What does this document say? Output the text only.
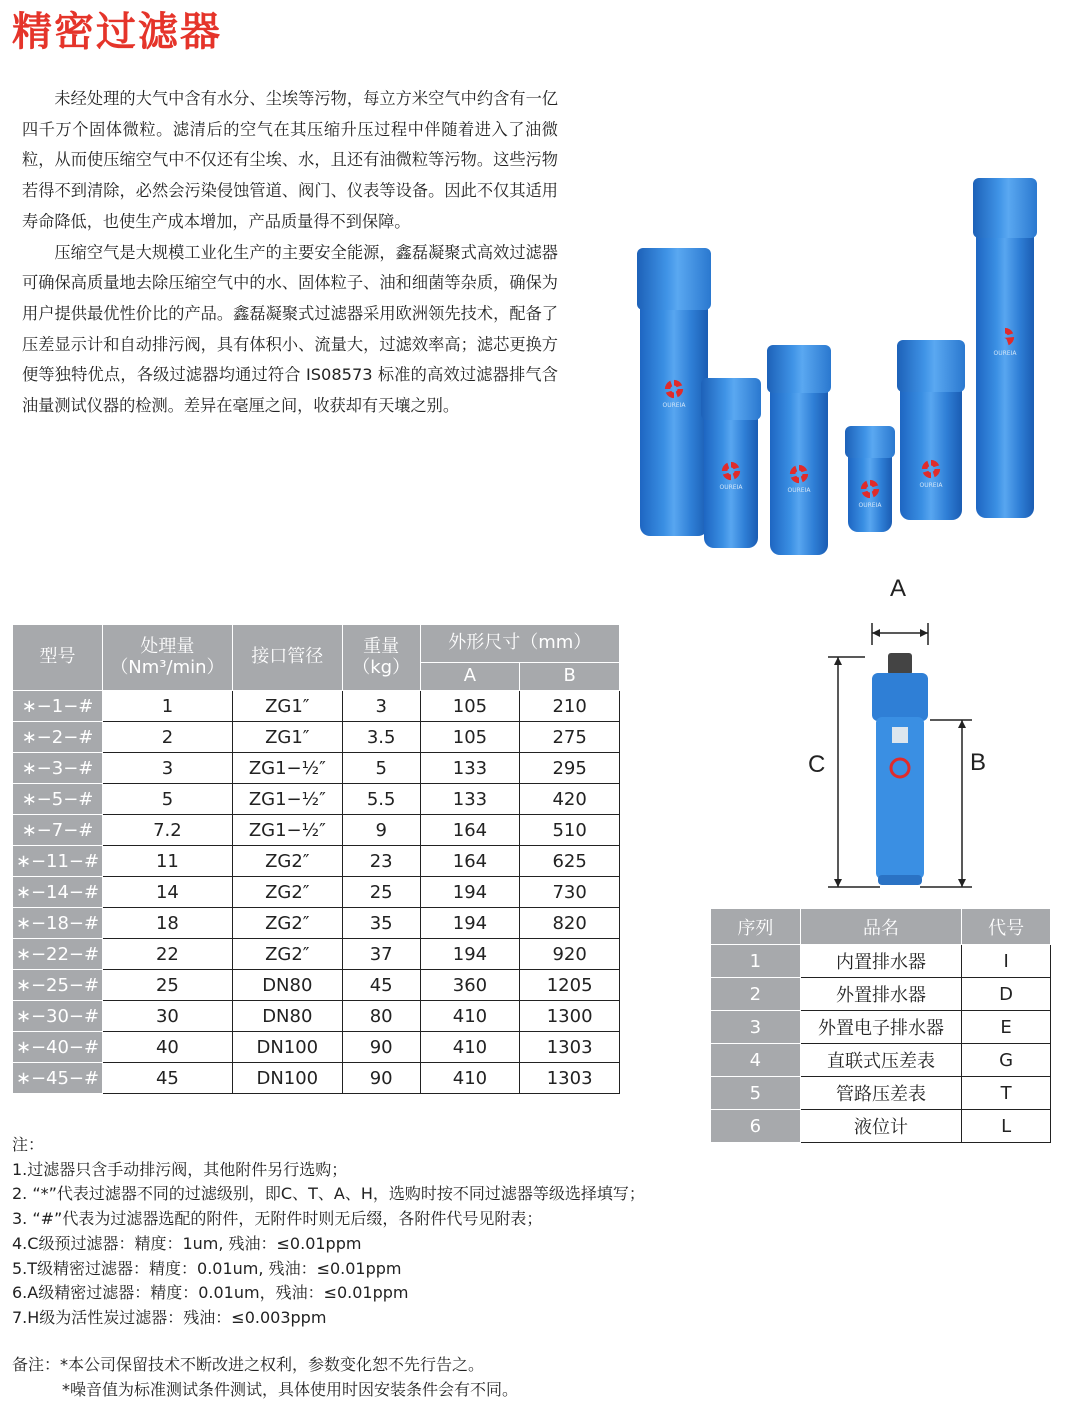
精密过滤器

未经处理的大气中含有水分、尘埃等污物，每立方米空气中约含有一亿四千万个固体微粒。滤清后的空气在其压缩升压过程中伴随着进入了油微粒，从而使压缩空气中不仅还有尘埃、水，且还有油微粒等污物。这些污物若得不到清除，必然会污染侵蚀管道、阀门、仪表等设备。因此不仅其适用寿命降低，也使生产成本增加，产品质量得不到保障。

压缩空气是大规模工业化生产的主要安全能源，鑫磊凝聚式高效过滤器可确保高质量地去除压缩空气中的水、固体粒子、油和细菌等杂质，确保为用户提供最优性价比的产品。鑫磊凝聚式过滤器采用欧洲领先技术，配备了压差显示计和自动排污阀，具有体积小、流量大，过滤效率高；滤芯更换方便等独特优点，各级过滤器均通过符合 IS08573 标准的高效过滤器排气含油量测试仪器的检测。差异在毫厘之间，收获却有天壤之别。	OUREIA
OUREIA	OUREIA
OUREIA
OUREIA
OUREIA
型号	处理量
（Nm³/min）	接口管径	重量
（kg）	外形尺寸（mm）	
				A	B
∗−1−#	1	ZG1″	3	105	210
∗−2−#	2	ZG1″	3.5	105	275
∗−3−#	3	ZG1−½″	5	133	295
∗−5−#	5	ZG1−½″	5.5	133	420
∗−7−#	7.2	ZG1−½″	9	164	510
∗−11−#	11	ZG2″	23	164	625
∗−14−#	14	ZG2″	25	194	730
∗−18−#	18	ZG2″	35	194	820
∗−22−#	22	ZG2″	37	194	920
∗−25−#	25	DN80	45	360	1205
∗−30−#	30	DN80	80	410	1300
∗−40−#	40	DN100	90	410	1303
∗−45−#	45	DN100	90	410	1303
A
C	B
序列	品名	代号
1	内置排水器	I
2	外置排水器	D
3	外置电子排水器	E
4	直联式压差表	G
5	管路压差表	T
6	液位计	L
注：
1.过滤器只含手动排污阀，其他附件另行选购；
2. “*”代表过滤器不同的过滤级别，即C、T、A、H，选购时按不同过滤器等级选择填写；
3. “#”代表为过滤器选配的附件，无附件时则无后缀，各附件代号见附表；
4.C级预过滤器：精度：1um, 残油：≤0.01ppm
5.T级精密过滤器：精度：0.01um, 残油：≤0.01ppm
6.A级精密过滤器：精度：0.01um，残油：≤0.01ppm
7.H级为活性炭过滤器：残油：≤0.003ppm
备注：*本公司保留技术不断改进之权利，参数变化恕不先行告之。
*噪音值为标准测试条件测试，具体使用时因安装条件会有不同。
